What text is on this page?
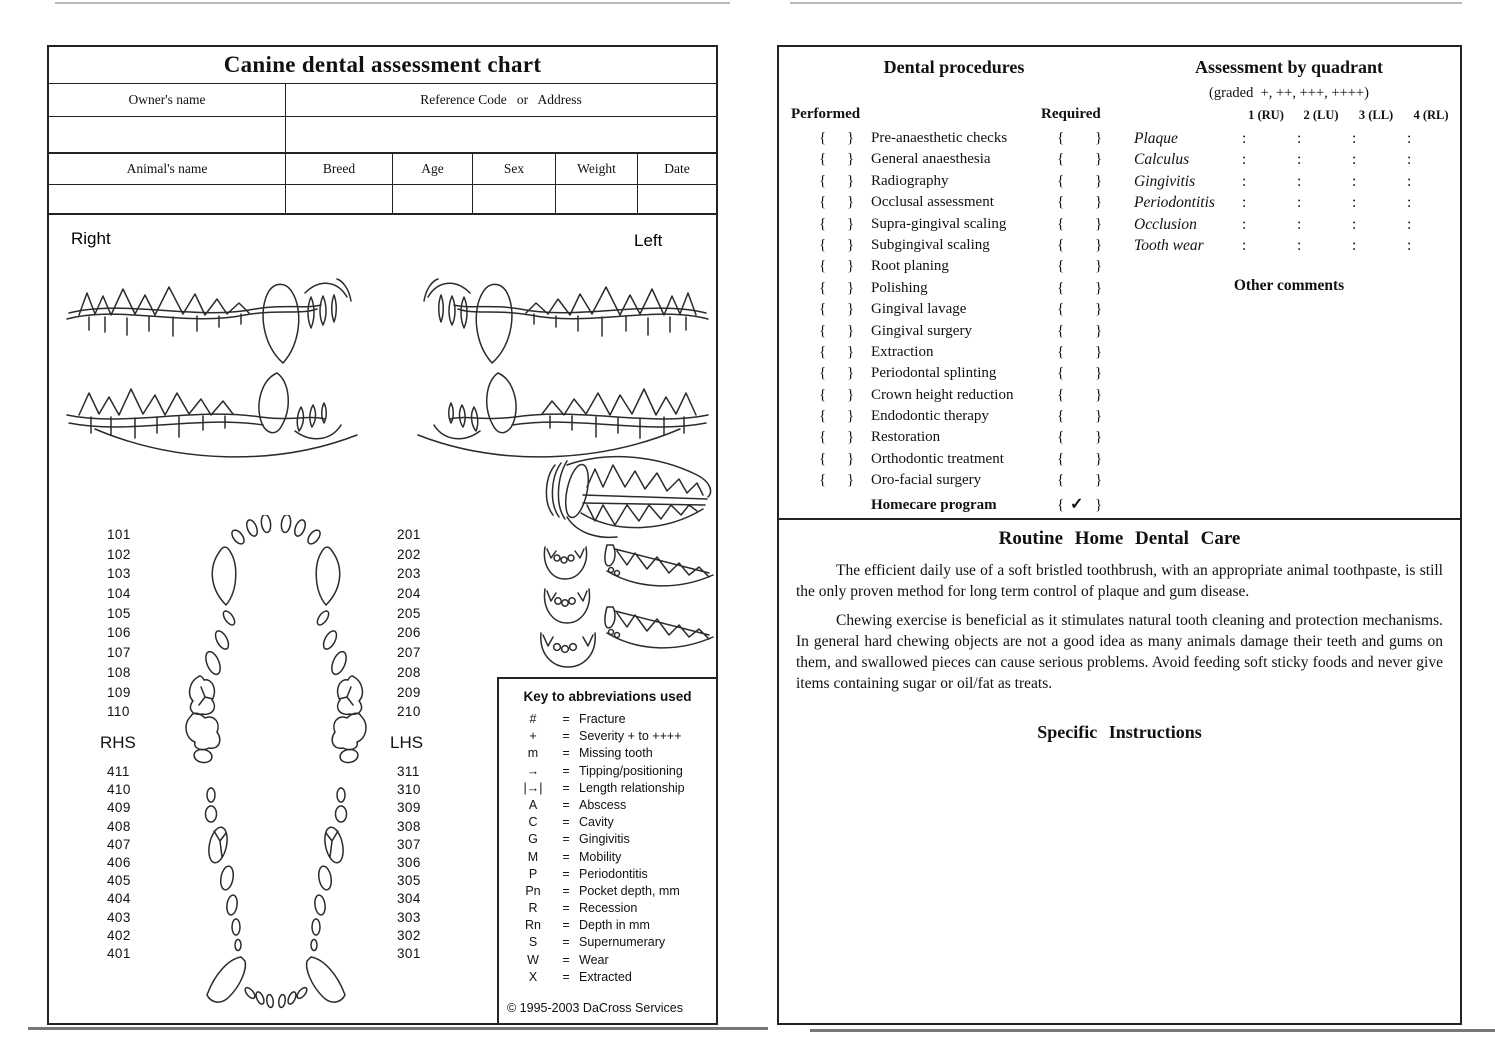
Canine dental assessment chart
Owner's name	Reference Code   or   Address
Animal's name	Breed	Age	Sex	Weight	Date
Right	Left
101
102
103
104
105
106
107
108
109
110
RHS
411
410
409
408
407
406
405
404
403
402
401
201
202
203
204
205
206
207
208
209
210
LHS
311
310
309
308
307
306
305
304
303
302
301
Key to abbreviations used
#	= Fracture
+	= Severity + to ++++
m	= Missing tooth
→	= Tipping/positioning
|→|	= Length relationship
A	= Abscess
C	= Cavity
G	= Gingivitis
M	= Mobility
P	= Periodontitis
Pn	= Pocket depth, mm
R	= Recession
Rn	= Depth in mm
S	= Supernumerary
W	= Wear
X	= Extracted
© 1995-2003 DaCross Services
Dental procedures	Assessment by quadrant
(graded  +, ++, +++, ++++)
Performed	Required	1 (RU)	2 (LU)	3 (LL)	4 (RL)
{ } Pre-anaesthetic checks	{ }
{ } General anaesthesia	{ }
{ } Radiography	{ }
{ } Occlusal assessment	{ }
{ } Supra-gingival scaling	{ }
{ } Subgingival scaling	{ }
{ } Root planing	{ }
{ } Polishing	{ }
{ } Gingival lavage	{ }
{ } Gingival surgery	{ }
{ } Extraction	{ }
{ } Periodontal splinting	{ }
{ } Crown height reduction	{ }
{ } Endodontic therapy	{ }
{ } Restoration	{ }
{ } Orthodontic treatment	{ }
{ } Oro-facial surgery	{ }
Homecare program	{ ✓ }
Plaque	:	:	:	:
Calculus	:	:	:	:
Gingivitis	:	:	:	:
Periodontitis :	:	:	:
Occlusion	:	:	:	:
Tooth wear :	:	:	:
Other comments
Routine Home Dental Care
The efficient daily use of a soft bristled toothbrush, with an appropriate animal toothpaste, is still the only proven method for long term control of plaque and gum disease.
Chewing exercise is beneficial as it stimulates natural tooth cleaning and protection mechanisms. In general hard chewing objects are not a good idea as many animals damage their teeth and gums on them, and swallowed pieces can cause serious problems. Avoid feeding soft sticky foods and never give items containing sugar or oil/fat as treats.
Specific Instructions
